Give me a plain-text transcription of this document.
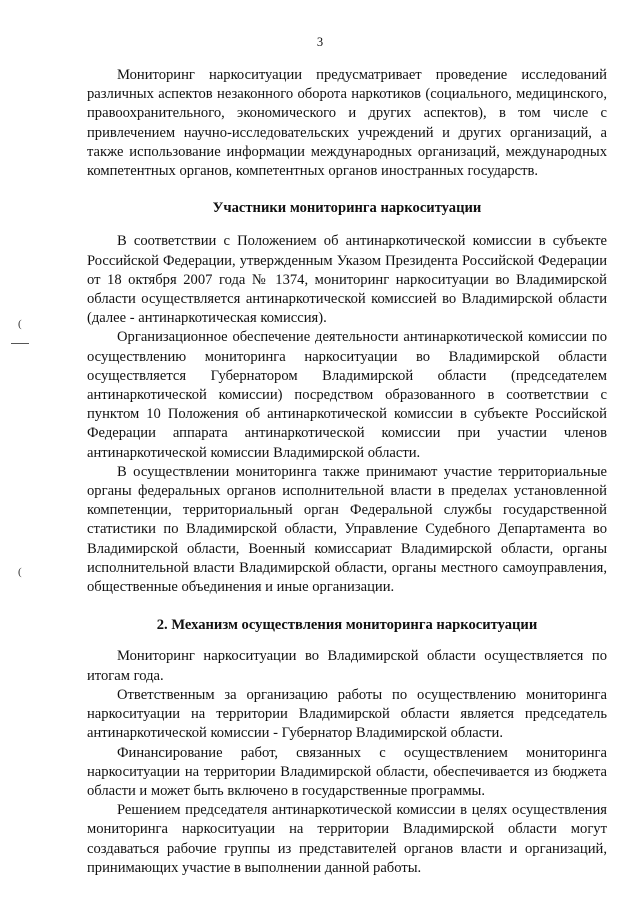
3
(
(

Мониторинг наркоситуации предусматривает проведение исследований различных аспектов незаконного оборота наркотиков (социального, медицинского, правоохранительного, экономического и других аспектов), в том числе с привлечением научно-исследовательских учреждений и других организаций, а также использование информации международных организаций, международных компетентных органов, компетентных органов иностранных государств.

Участники мониторинга наркоситуации

В соответствии с Положением об антинаркотической комиссии в субъекте Российской Федерации, утвержденным Указом Президента Российской Федерации от 18 октября 2007 года № 1374, мониторинг наркоситуации во Владимирской области осуществляется антинаркотической комиссией во Владимирской области (далее - антинаркотическая комиссия).

Организационное обеспечение деятельности антинаркотической комиссии по осуществлению мониторинга наркоситуации во Владимирской области осуществляется Губернатором Владимирской области (председателем антинаркотической комиссии) посредством образованного в соответствии с пунктом 10 Положения об антинаркотической комиссии в субъекте Российской Федерации аппарата антинаркотической комиссии при участии членов антинаркотической комиссии Владимирской области.

В осуществлении мониторинга также принимают участие территориальные органы федеральных органов исполнительной власти в пределах установленной компетенции, территориальный орган Федеральной службы государственной статистики по Владимирской области, Управление Судебного Департамента во Владимирской области, Военный комиссариат Владимирской области, органы исполнительной власти Владимирской области, органы местного самоуправления, общественные объединения и иные организации.

2. Механизм осуществления мониторинга наркоситуации

Мониторинг наркоситуации во Владимирской области осуществляется по итогам года.

Ответственным за организацию работы по осуществлению мониторинга наркоситуации на территории Владимирской области является председатель антинаркотической комиссии - Губернатор Владимирской области.

Финансирование работ, связанных с осуществлением мониторинга наркоситуации на территории Владимирской области, обеспечивается из бюджета области и может быть включено в государственные программы.

Решением председателя антинаркотической комиссии в целях осуществления мониторинга наркоситуации на территории Владимирской области могут создаваться рабочие группы из представителей органов власти и организаций, принимающих участие в выполнении данной работы.
